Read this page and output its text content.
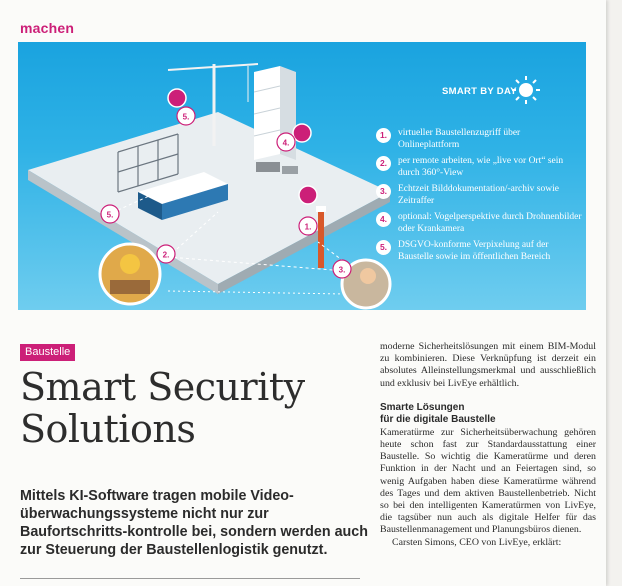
machen
5.
4.
5.
2.
1.
3.
SMART BY DAY
1.	virtueller Baustellenzugriff über Onlineplattform
2.	per remote arbeiten, wie „live vor Ort“ sein durch 360°-View
3.	Echtzeit Bilddokumentation/-archiv sowie Zeitraffer
4.	optional: Vogelperspektive durch Drohnenbilder oder Krankamera
5.	DSGVO-konforme Verpixelung auf der Baustelle sowie im öffentlichen Bereich
Baustelle
Smart Security Solutions
Mittels KI-Software tragen mobile Video-überwachungssysteme nicht nur zur Baufortschritts-kontrolle bei, sondern werden auch zur Steuerung der Baustellenlogistik genutzt.

moderne Sicherheitslösungen mit einem BIM-Modul zu kombinieren. Diese Verknüpfung ist derzeit ein absolutes Alleinstellungsmerkmal und ausschließlich und exklusiv bei LivEye erhältlich.

Smarte Lösungen
für die digitale Baustelle

Kameratürme zur Sicherheitsüberwachung gehören heute schon fast zur Standardausstattung einer Baustelle. So wichtig die Kameratürme und deren Funktion in der Nacht und an Feiertagen sind, so wenig Aufgaben haben diese Kameratürme während des Tages und dem aktiven Baustellenbetrieb. Nicht so bei den intelligenten Kameratürmen von LivEye, die tagsüber nun auch als digitale Helfer für das Baustellenmanagement und Planungsbüros dienen.

Carsten Simons, CEO von LivEye, erklärt:
